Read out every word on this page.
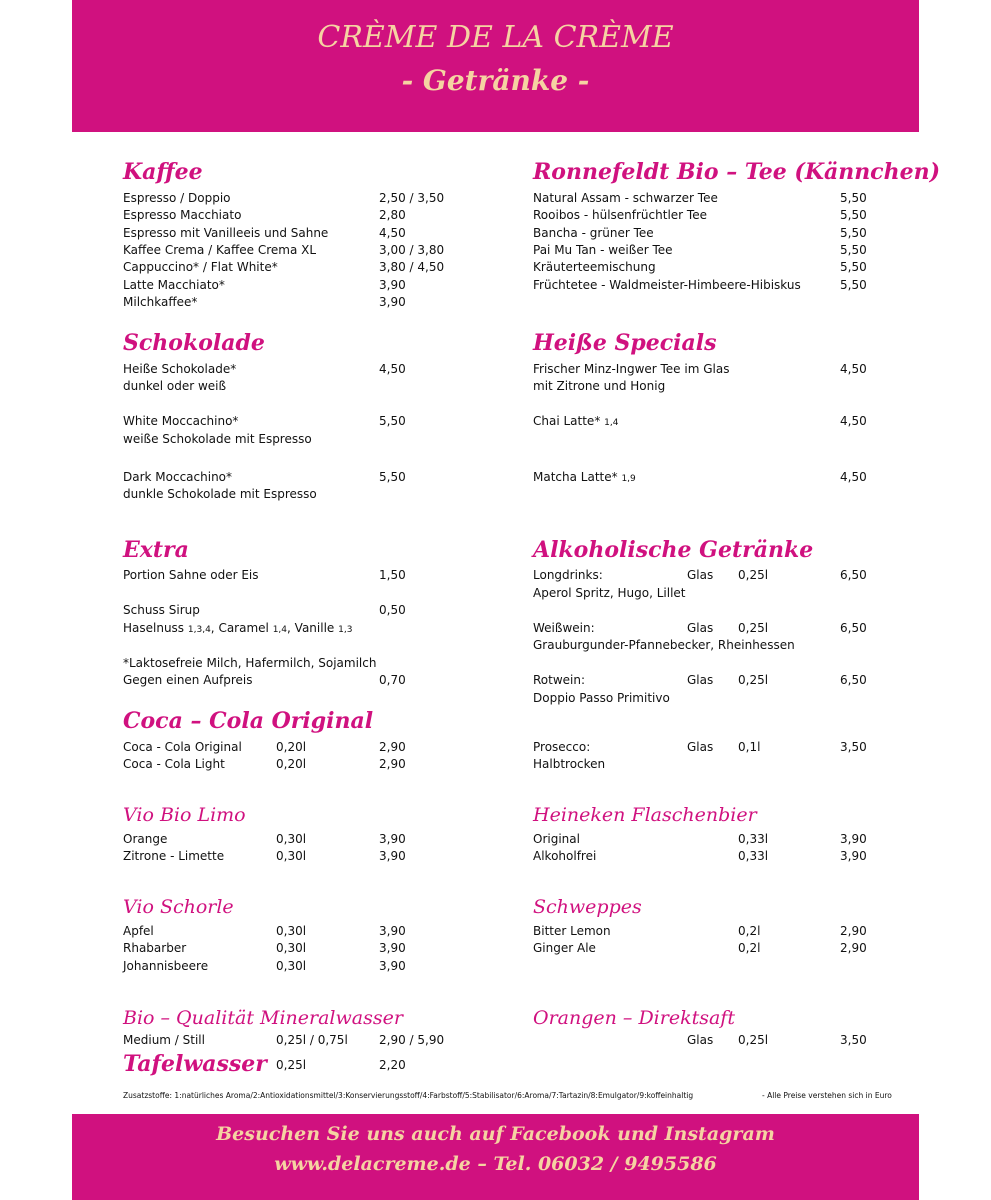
CRÈME DE LA CRÈME
- Getränke -
Kaffee
Espresso / Doppio	2,50 / 3,50
Espresso Macchiato	2,80
Espresso mit Vanilleeis und Sahne	4,50
Kaffee Crema / Kaffee Crema XL	3,00 / 3,80
Cappuccino* / Flat White*	3,80 / 4,50
Latte Macchiato*	3,90
Milchkaffee*	3,90
Schokolade
Heiße Schokolade*	4,50
dunkel oder weiß
White Moccachino*	5,50
weiße Schokolade mit Espresso
Dark Moccachino*	5,50
dunkle Schokolade mit Espresso
Extra
Portion Sahne oder Eis	1,50
Schuss Sirup	0,50
Haselnuss 1,3,4, Caramel 1,4, Vanille 1,3
*Laktosefreie Milch, Hafermilch, Sojamilch
Gegen einen Aufpreis	0,70
Coca – Cola Original
Coca - Cola Original	0,20l	2,90
Coca - Cola Light	0,20l	2,90
Vio Bio Limo
Orange	0,30l	3,90
Zitrone - Limette	0,30l	3,90
Vio Schorle
Apfel	0,30l	3,90
Rhabarber	0,30l	3,90
Johannisbeere	0,30l	3,90
Bio – Qualität Mineralwasser
Medium / Still	0,25l / 0,75l	2,90 / 5,90
Tafelwasser 0,25l	2,20
Ronnefeldt Bio – Tee (Kännchen)
Natural Assam - schwarzer Tee	5,50
Rooibos - hülsenfrüchtler Tee	5,50
Bancha - grüner Tee	5,50
Pai Mu Tan - weißer Tee	5,50
Kräuterteemischung	5,50
Früchtetee - Waldmeister-Himbeere-Hibiskus	5,50
Heiße Specials
Frischer Minz-Ingwer Tee im Glas	4,50
mit Zitrone und Honig
Chai Latte* 1,4	4,50
Matcha Latte* 1,9	4,50
Alkoholische Getränke
Longdrinks:	Glas 0,25l	6,50
Aperol Spritz, Hugo, Lillet
Weißwein:	Glas 0,25l	6,50
Grauburgunder-Pfannebecker, Rheinhessen
Rotwein:	Glas 0,25l	6,50
Doppio Passo Primitivo
Prosecco:	Glas 0,1l	3,50
Halbtrocken
Heineken Flaschenbier
Original	0,33l	3,90
Alkoholfrei	0,33l	3,90
Schweppes
Bitter Lemon	0,2l	2,90
Ginger Ale	0,2l	2,90
Orangen – Direktsaft
Glas 0,25l	3,50
Zusatzstoffe: 1:natürliches Aroma/2:Antioxidationsmittel/3:Konservierungsstoff/4:Farbstoff/5:Stabilisator/6:Aroma/7:Tartazin/8:Emulgator/9:koffeinhaltig	- Alle Preise verstehen sich in Euro
Besuchen Sie uns auch auf Facebook und Instagram
www.delacreme.de – Tel. 06032 / 9495586
